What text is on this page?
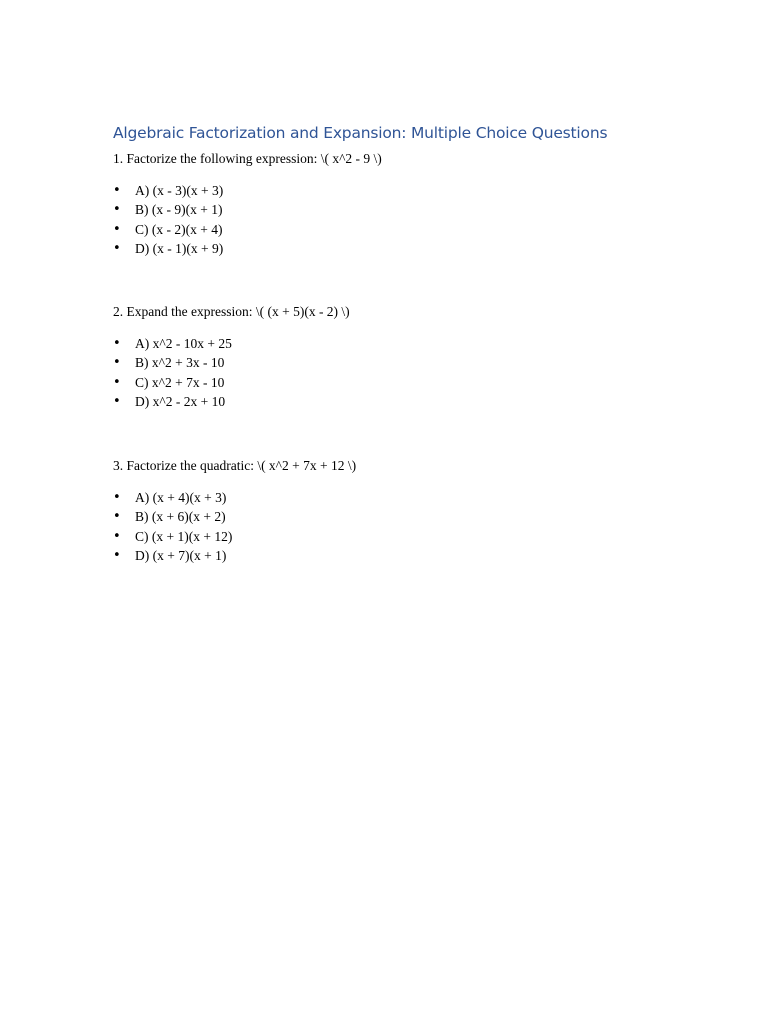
Algebraic Factorization and Expansion: Multiple Choice Questions

1. Factorize the following expression: \( x^2 - 9 \)

• A) (x - 3)(x + 3)
• B) (x - 9)(x + 1)
• C) (x - 2)(x + 4)
• D) (x - 1)(x + 9)

2. Expand the expression: \( (x + 5)(x - 2) \)

• A) x^2 - 10x + 25
• B) x^2 + 3x - 10
• C) x^2 + 7x - 10
• D) x^2 - 2x + 10

3. Factorize the quadratic: \( x^2 + 7x + 12 \)

• A) (x + 4)(x + 3)
• B) (x + 6)(x + 2)
• C) (x + 1)(x + 12)
• D) (x + 7)(x + 1)
